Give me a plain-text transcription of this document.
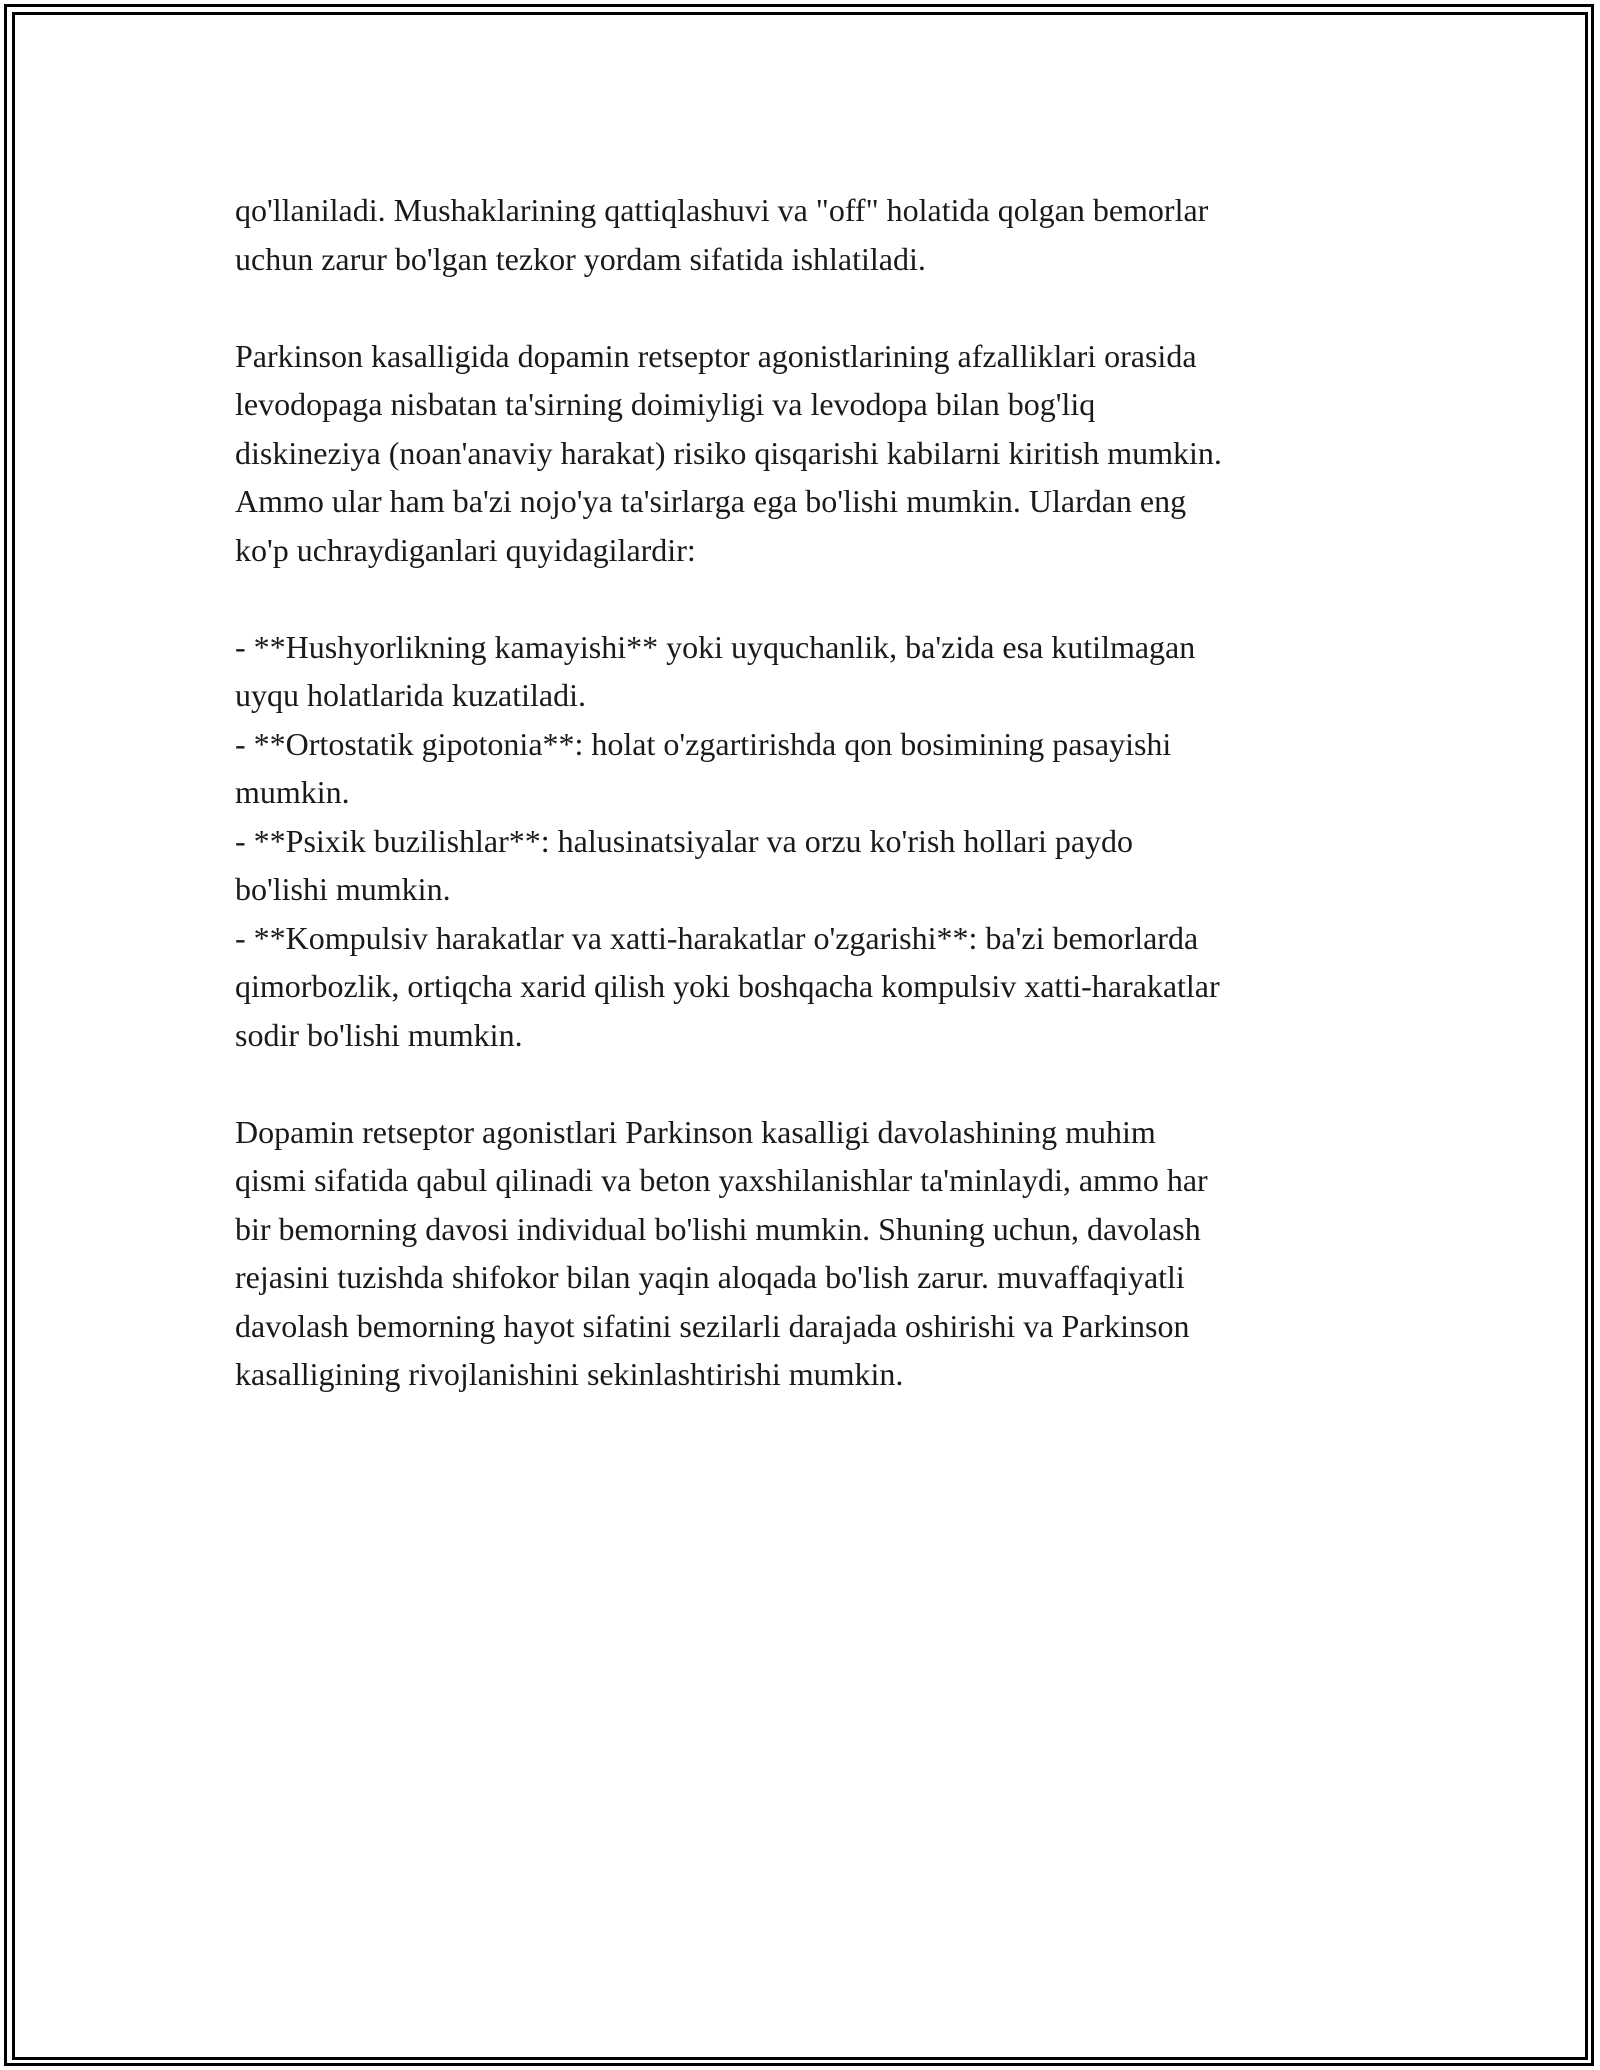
qo'llaniladi. Mushaklarining qattiqlashuvi va "off" holatida qolgan bemorlar

uchun zarur bo'lgan tezkor yordam sifatida ishlatiladi.

Parkinson kasalligida dopamin retseptor agonistlarining afzalliklari orasida

levodopaga nisbatan ta'sirning doimiyligi va levodopa bilan bog'liq

diskineziya (noan'anaviy harakat) risiko qisqarishi kabilarni kiritish mumkin.

Ammo ular ham ba'zi nojo'ya ta'sirlarga ega bo'lishi mumkin. Ulardan eng

ko'p uchraydiganlari quyidagilardir:

- **Hushyorlikning kamayishi** yoki uyquchanlik, ba'zida esa kutilmagan

uyqu holatlarida kuzatiladi.

- **Ortostatik gipotonia**: holat o'zgartirishda qon bosimining pasayishi

mumkin.

- **Psixik buzilishlar**: halusinatsiyalar va orzu ko'rish hollari paydo

bo'lishi mumkin.

- **Kompulsiv harakatlar va xatti-harakatlar o'zgarishi**: ba'zi bemorlarda

qimorbozlik, ortiqcha xarid qilish yoki boshqacha kompulsiv xatti-harakatlar

sodir bo'lishi mumkin.

Dopamin retseptor agonistlari Parkinson kasalligi davolashining muhim

qismi sifatida qabul qilinadi va beton yaxshilanishlar ta'minlaydi, ammo har

bir bemorning davosi individual bo'lishi mumkin. Shuning uchun, davolash

rejasini tuzishda shifokor bilan yaqin aloqada bo'lish zarur. muvaffaqiyatli

davolash bemorning hayot sifatini sezilarli darajada oshirishi va Parkinson

kasalligining rivojlanishini sekinlashtirishi mumkin.
